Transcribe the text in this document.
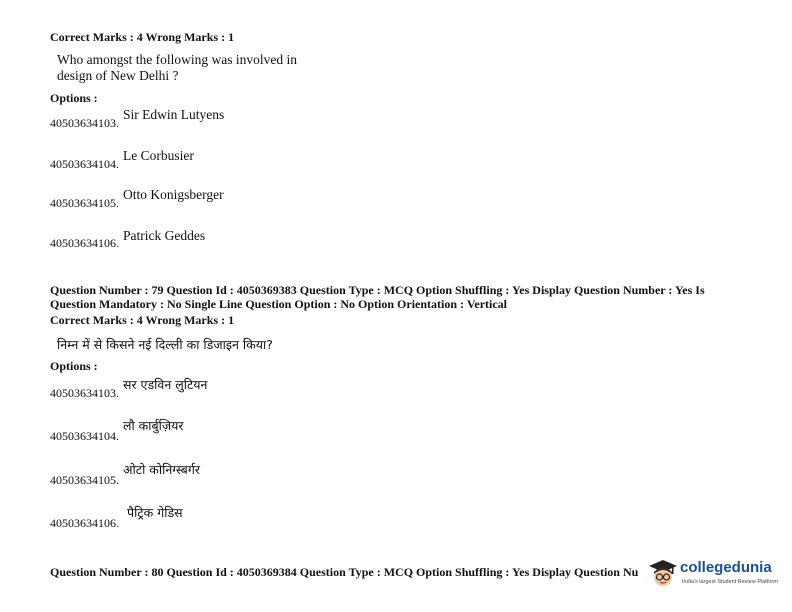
Correct Marks : 4 Wrong Marks : 1
Who amongst the following was involved in design of New Delhi ?
Options :
$_{40503634103.}$ Sir Edwin Lutyens
$_{40503634104.}$ Le Corbusier
$_{40503634105.}$ Otto Konigsberger
$_{40503634106.}$ Patrick Geddes
Question Number : 79 Question Id : 4050369383 Question Type : MCQ Option Shuffling : Yes Display Question Number : Yes Is
Question Mandatory : No Single Line Question Option : No Option Orientation : Vertical
Correct Marks : 4 Wrong Marks : 1
निम्न में से किसने नई दिल्ली का डिजाइन किया?
Options :
$_{40503634103.}$ सर एडविन लुटियन
$_{40503634104.}$ लौ कार्बुज़ियर
$_{40503634105.}$ ओटो कोनिग्स्बर्गर
$_{40503634106.}$ पैट्रिक गेडिस
Question Number : 80 Question Id : 4050369384 Question Type : MCQ Option Shuffling : Yes Display Question Nu	collegedunia
India's largest Student Review Platform
